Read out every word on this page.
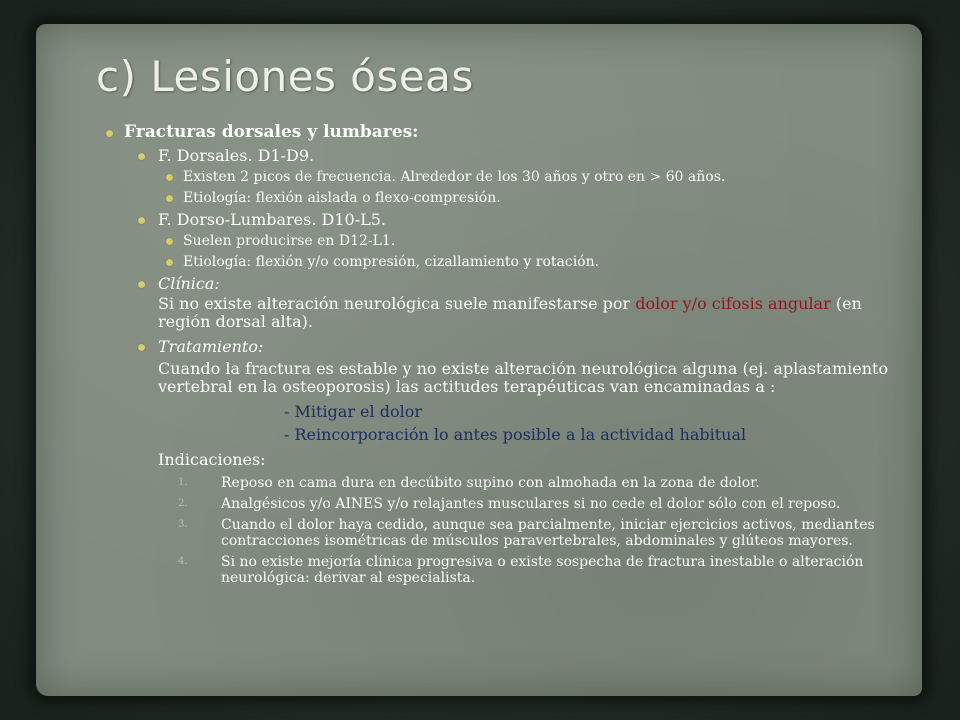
c) Lesiones óseas
Fracturas dorsales y lumbares:
F. Dorsales. D1-D9.
Existen 2 picos de frecuencia. Alrededor de los 30 años y otro en > 60 años.
Etiología: flexión aislada o flexo-compresión.
F. Dorso-Lumbares. D10-L5.
Suelen producirse en D12-L1.
Etiología: flexión y/o compresión, cizallamiento y rotación.
Clínica:
Si no existe alteración neurológica suele manifestarse por dolor y/o cifosis angular (en región dorsal alta).
Tratamiento:
Cuando la fractura es estable y no existe alteración neurológica alguna (ej. aplastamiento vertebral en la osteoporosis) las actitudes terapéuticas van encaminadas a :
- Mitigar el dolor
- Reincorporación lo antes posible a la actividad habitual
Indicaciones:
1. Reposo en cama dura en decúbito supino con almohada en la zona de dolor.
2. Analgésicos y/o AINES y/o relajantes musculares si no cede el dolor sólo con el reposo.
3. Cuando el dolor haya cedido, aunque sea parcialmente, iniciar ejercicios activos, mediantes contracciones isométricas de músculos paravertebrales, abdominales y glúteos mayores.
4. Si no existe mejoría clínica progresiva o existe sospecha de fractura inestable o alteración neurológica: derivar al especialista.
